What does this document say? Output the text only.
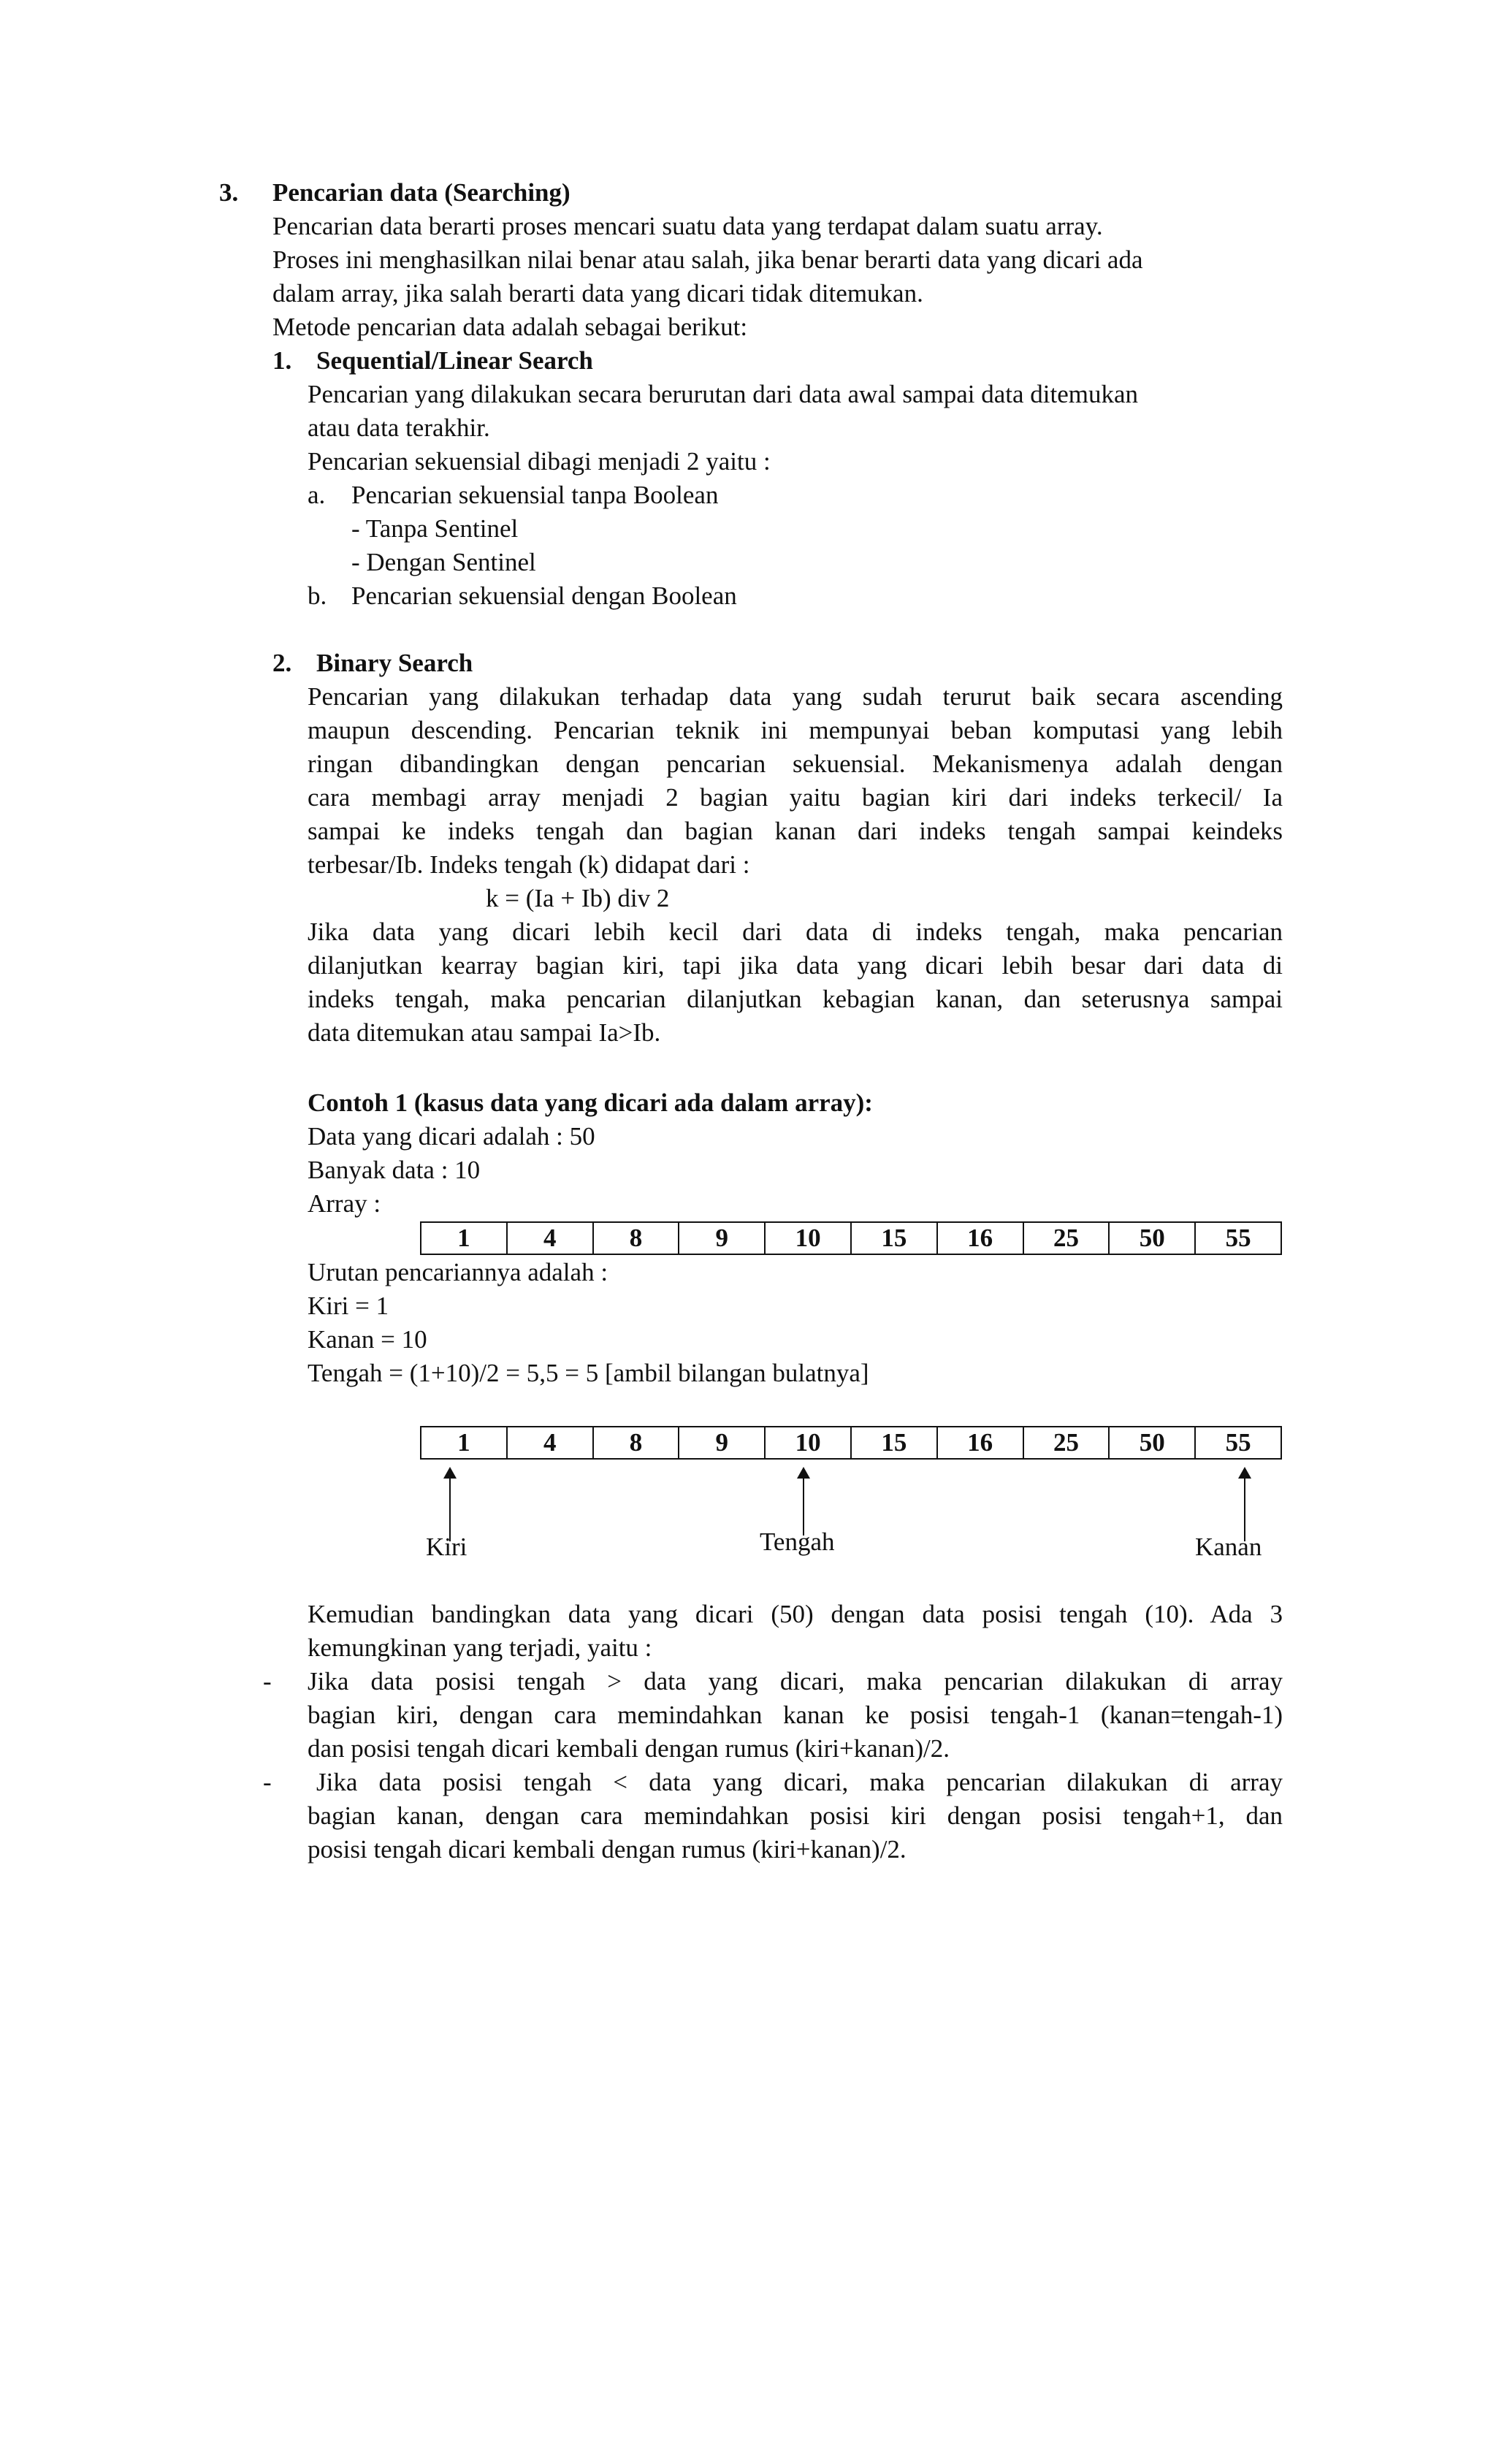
3. Pencarian data (Searching)
Pencarian data berarti proses mencari suatu data yang terdapat dalam suatu array.
Proses ini menghasilkan nilai benar atau salah, jika benar berarti data yang dicari ada
dalam array, jika salah berarti data yang dicari tidak ditemukan.
Metode pencarian data adalah sebagai berikut:
1. Sequential/Linear Search
Pencarian yang dilakukan secara berurutan dari data awal sampai data ditemukan
atau data terakhir.
Pencarian sekuensial dibagi menjadi 2 yaitu :
a. Pencarian sekuensial tanpa Boolean
- Tanpa Sentinel
- Dengan Sentinel
b. Pencarian sekuensial dengan Boolean
2. Binary Search
Pencarian yang dilakukan terhadap data yang sudah terurut baik secara ascending
maupun descending. Pencarian teknik ini mempunyai beban komputasi yang lebih
ringan dibandingkan dengan pencarian sekuensial. Mekanismenya adalah dengan
cara membagi array menjadi 2 bagian yaitu bagian kiri dari indeks terkecil/ Ia
sampai ke indeks tengah dan bagian kanan dari indeks tengah sampai keindeks
terbesar/Ib. Indeks tengah (k) didapat dari :
k = (Ia + Ib) div 2
Jika data yang dicari lebih kecil dari data di indeks tengah, maka pencarian
dilanjutkan kearray bagian kiri, tapi jika data yang dicari lebih besar dari data di
indeks tengah, maka pencarian dilanjutkan kebagian kanan, dan seterusnya sampai
data ditemukan atau sampai Ia>Ib.
Contoh 1 (kasus data yang dicari ada dalam array):
Data yang dicari adalah : 50
Banyak data : 10
Array :
1	4	8	9	10	15	16	25	50	55
Urutan pencariannya adalah :
Kiri = 1
Kanan = 10
Tengah = (1+10)/2 = 5,5 = 5 [ambil bilangan bulatnya]
1	4	8	9	10	15	16	25	50	55
Kiri	Tengah	Kanan
Kemudian bandingkan data yang dicari (50) dengan data posisi tengah (10). Ada 3
kemungkinan yang terjadi, yaitu :
- Jika data posisi tengah > data yang dicari, maka pencarian dilakukan di array
bagian kiri, dengan cara memindahkan kanan ke posisi tengah-1 (kanan=tengah-1)
dan posisi tengah dicari kembali dengan rumus (kiri+kanan)/2.
- Jika data posisi tengah < data yang dicari, maka pencarian dilakukan di array
bagian kanan, dengan cara memindahkan posisi kiri dengan posisi tengah+1, dan
posisi tengah dicari kembali dengan rumus (kiri+kanan)/2.
